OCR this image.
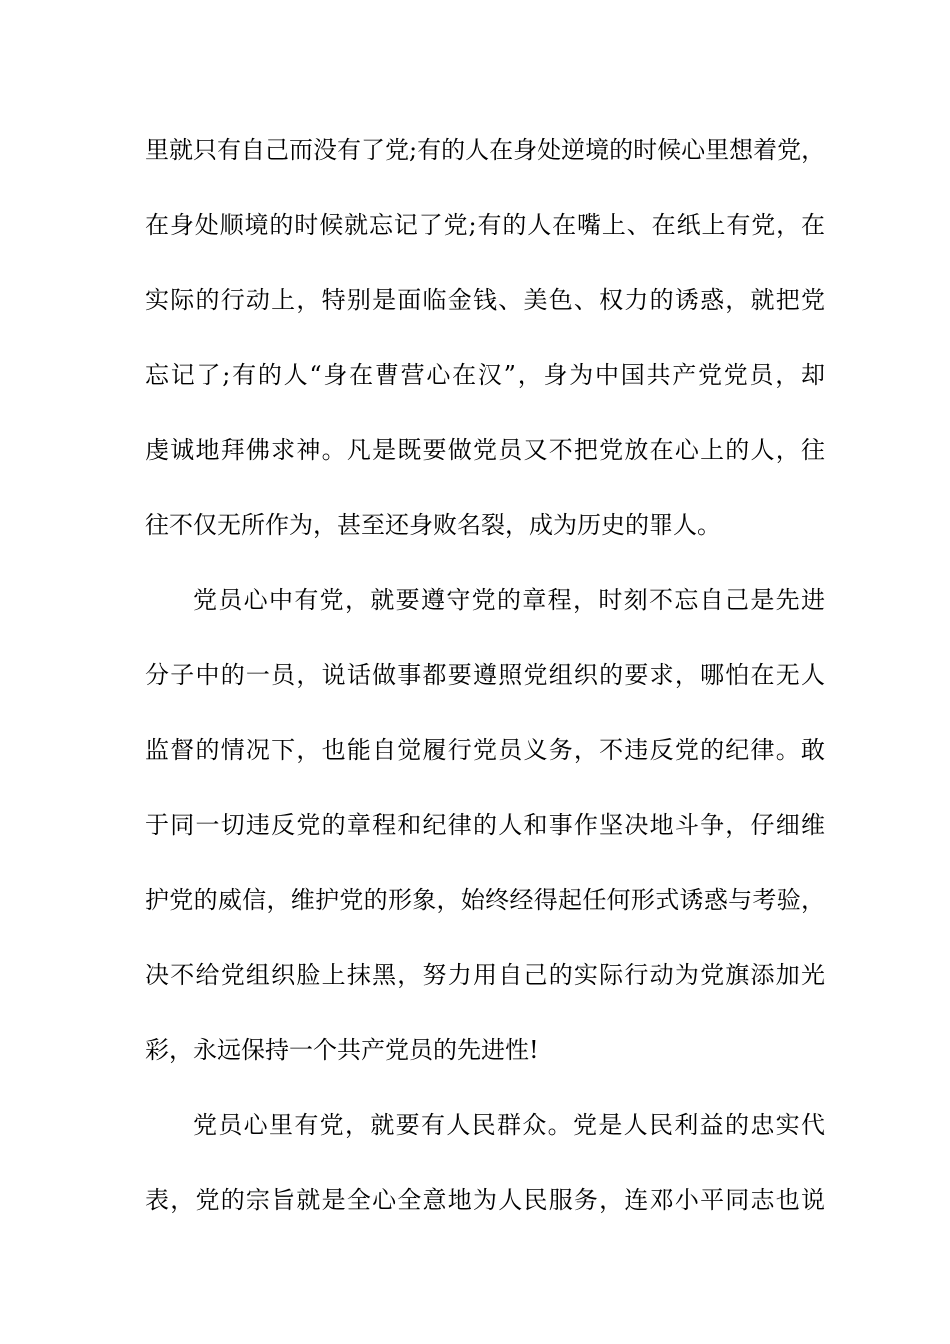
里就只有自己而没有了党;有的人在身处逆境的时候心里想着党，
在身处顺境的时候就忘记了党;有的人在嘴上、在纸上有党，在
实际的行动上，特别是面临金钱、美色、权力的诱惑，就把党
忘记了;有的人“身在曹营心在汉”，身为中国共产党党员，却
虔诚地拜佛求神。凡是既要做党员又不把党放在心上的人，往
往不仅无所作为，甚至还身败名裂，成为历史的罪人。
党员心中有党，就要遵守党的章程，时刻不忘自己是先进
分子中的一员，说话做事都要遵照党组织的要求，哪怕在无人
监督的情况下，也能自觉履行党员义务，不违反党的纪律。敢
于同一切违反党的章程和纪律的人和事作坚决地斗争，仔细维
护党的威信，维护党的形象，始终经得起任何形式诱惑与考验，
决不给党组织脸上抹黑，努力用自己的实际行动为党旗添加光
彩，永远保持一个共产党员的先进性!
党员心里有党，就要有人民群众。党是人民利益的忠实代
表，党的宗旨就是全心全意地为人民服务，连邓小平同志也说
